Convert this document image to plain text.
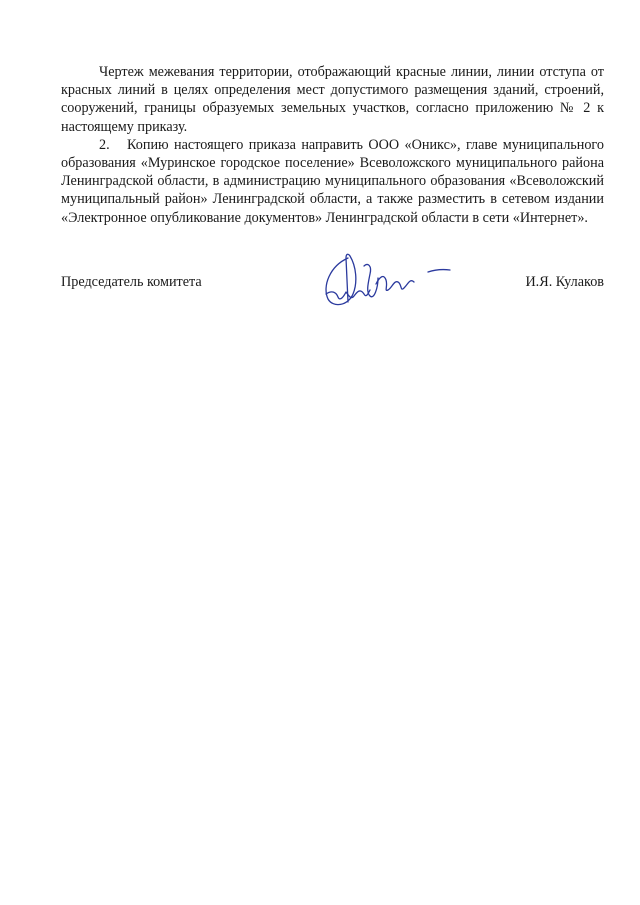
Чертеж межевания территории, отображающий красные линии, линии отступа от красных линий в целях определения мест допустимого размещения зданий, строений, сооружений, границы образуемых земельных участков, согласно приложению № 2 к настоящему приказу.

2. Копию настоящего приказа направить ООО «Оникс», главе муниципального образования «Муринское городское поселение» Всеволожского муниципального района Ленинградской области, в администрацию муниципального образования «Всеволожский муниципальный район» Ленинградской области, а также разместить в сетевом издании «Электронное опубликование документов» Ленинградской области в сети «Интернет».

Председатель комитета	И.Я. Кулаков
